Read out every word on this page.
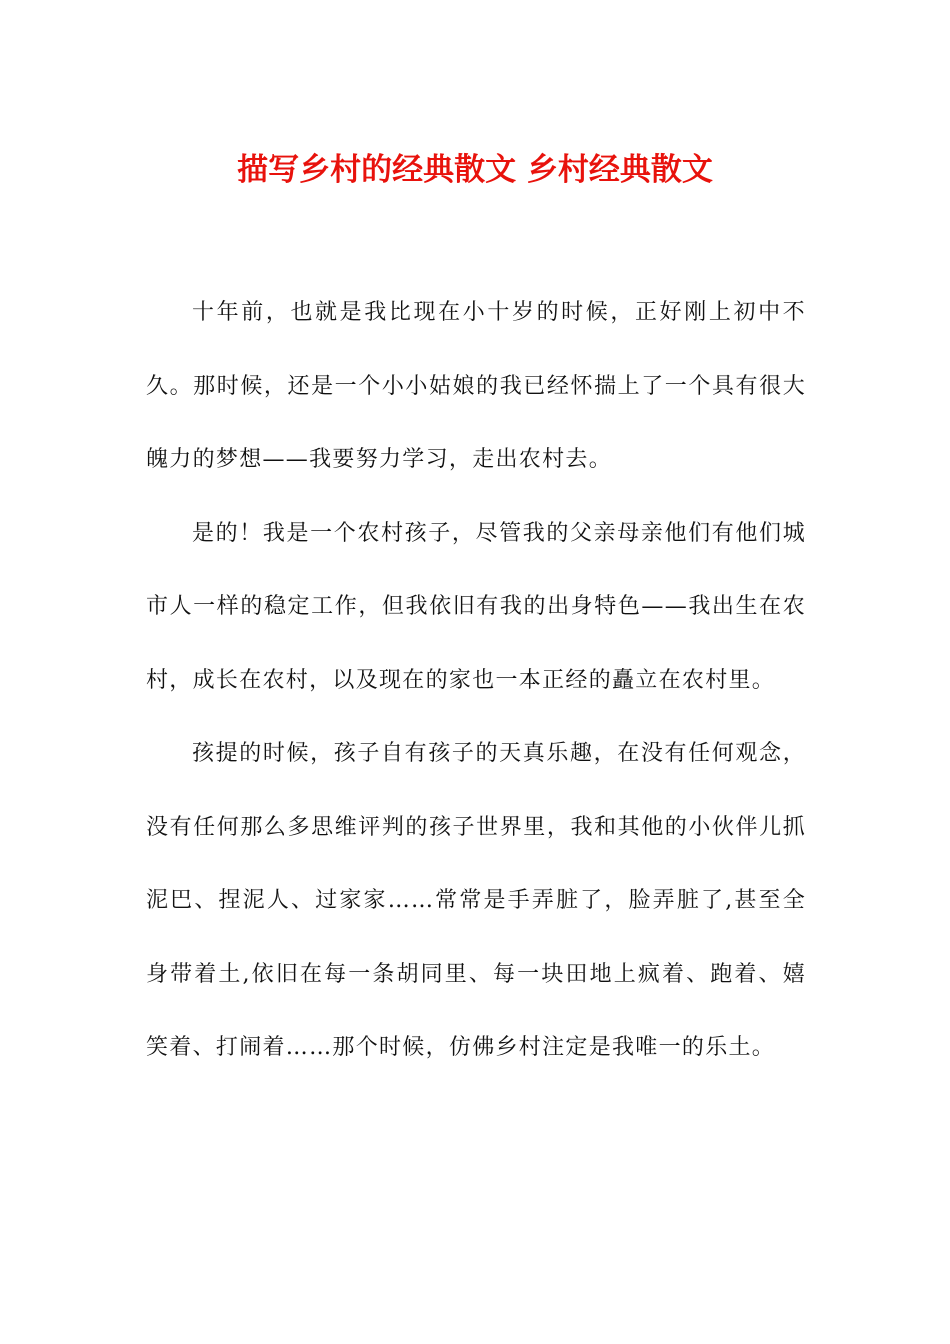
描写乡村的经典散文 乡村经典散文

十年前，也就是我比现在小十岁的时候，正好刚上初中不久。那时候，还是一个小小姑娘的我已经怀揣上了一个具有很大魄力的梦想——我要努力学习，走出农村去。

是的！我是一个农村孩子，尽管我的父亲母亲他们有他们城市人一样的稳定工作，但我依旧有我的出身特色——我出生在农村，成长在农村，以及现在的家也一本正经的矗立在农村里。

孩提的时候，孩子自有孩子的天真乐趣，在没有任何观念，没有任何那么多思维评判的孩子世界里，我和其他的小伙伴儿抓泥巴、捏泥人、过家家……常常是手弄脏了，脸弄脏了,甚至全身带着土,依旧在每一条胡同里、每一块田地上疯着、跑着、嬉笑着、打闹着……那个时候，仿佛乡村注定是我唯一的乐土。
